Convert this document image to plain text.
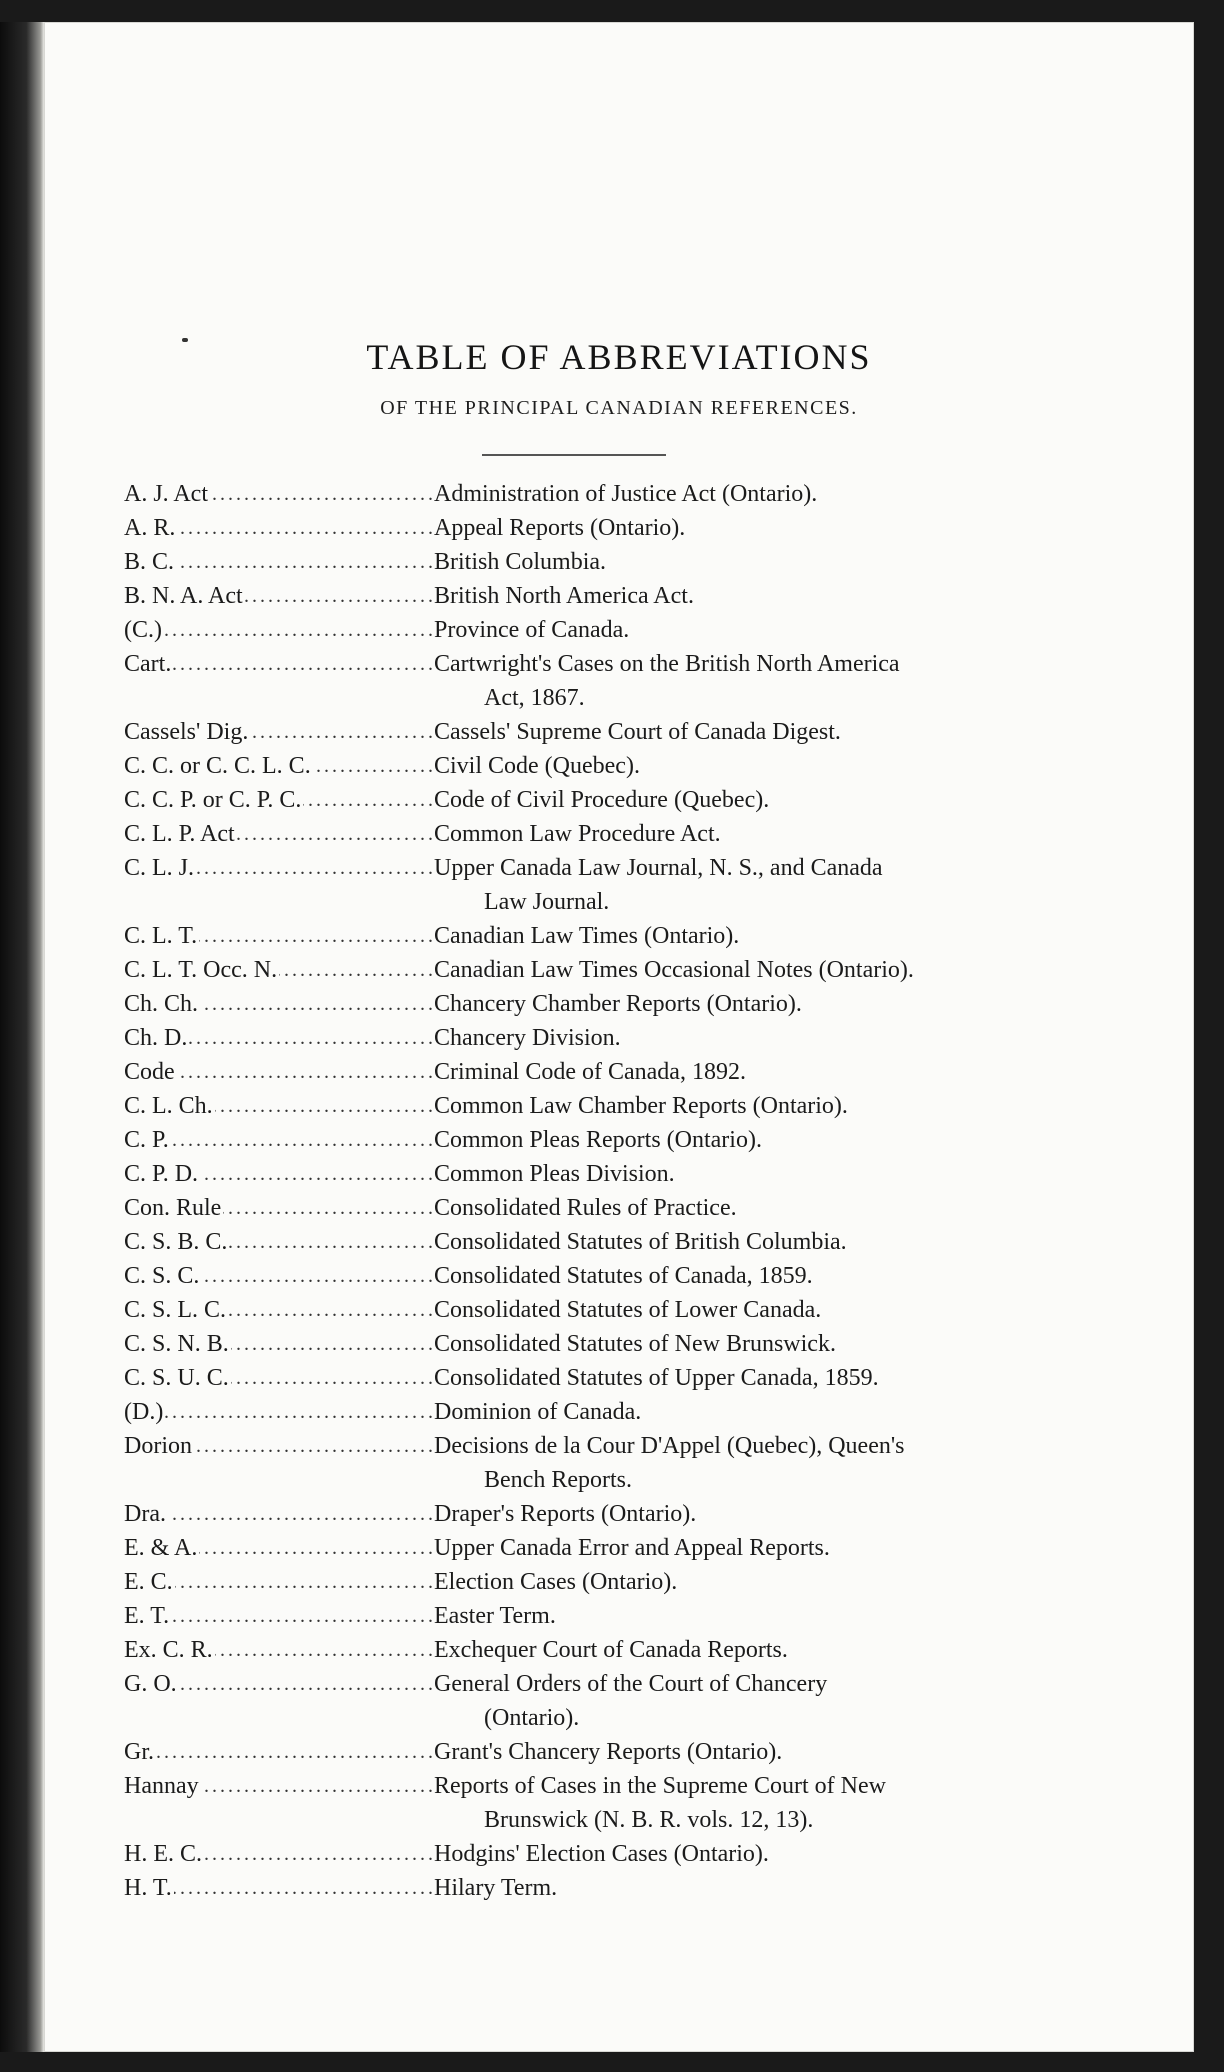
TABLE OF ABBREVIATIONS
OF THE PRINCIPAL CANADIAN REFERENCES.
A. J. Act . . .	Administration of Justice Act (Ontario).
A. R. . . .	Appeal Reports (Ontario).
B. C. . . .	British Columbia.
B. N. A. Act . . .	British North America Act.
(C.) . . .	Province of Canada.
Cart. . . .	Cartwright's Cases on the British North America
Act, 1867.
Cassels' Dig. . . .	Cassels' Supreme Court of Canada Digest.
C. C. or C. C. L. C. . . .	Civil Code (Quebec).
C. C. P. or C. P. C. . . .	Code of Civil Procedure (Quebec).
C. L. P. Act . . .	Common Law Procedure Act.
C. L. J. . . .	Upper Canada Law Journal, N. S., and Canada
Law Journal.
C. L. T. . . .	Canadian Law Times (Ontario).
C. L. T. Occ. N. . . .	Canadian Law Times Occasional Notes (Ontario).
Ch. Ch. . . .	Chancery Chamber Reports (Ontario).
Ch. D. . . .	Chancery Division.
Code . . .	Criminal Code of Canada, 1892.
C. L. Ch. . . .	Common Law Chamber Reports (Ontario).
C. P. . . .	Common Pleas Reports (Ontario).
C. P. D. . . .	Common Pleas Division.
Con. Rule . . .	Consolidated Rules of Practice.
C. S. B. C. . . .	Consolidated Statutes of British Columbia.
C. S. C. . . .	Consolidated Statutes of Canada, 1859.
C. S. L. C. . . .	Consolidated Statutes of Lower Canada.
C. S. N. B. . . .	Consolidated Statutes of New Brunswick.
C. S. U. C. . . .	Consolidated Statutes of Upper Canada, 1859.
(D.) . . .	Dominion of Canada.
Dorion . . .	Decisions de la Cour D'Appel (Quebec), Queen's
Bench Reports.
Dra. . . .	Draper's Reports (Ontario).
E. & A. . . .	Upper Canada Error and Appeal Reports.
E. C. . . .	Election Cases (Ontario).
E. T. . . .	Easter Term.
Ex. C. R. . . .	Exchequer Court of Canada Reports.
G. O. . . .	General Orders of the Court of Chancery
(Ontario).
Gr. . . .	Grant's Chancery Reports (Ontario).
Hannay . . .	Reports of Cases in the Supreme Court of New
Brunswick (N. B. R. vols. 12, 13).
H. E. C. . . .	Hodgins' Election Cases (Ontario).
H. T. . . .	Hilary Term.
